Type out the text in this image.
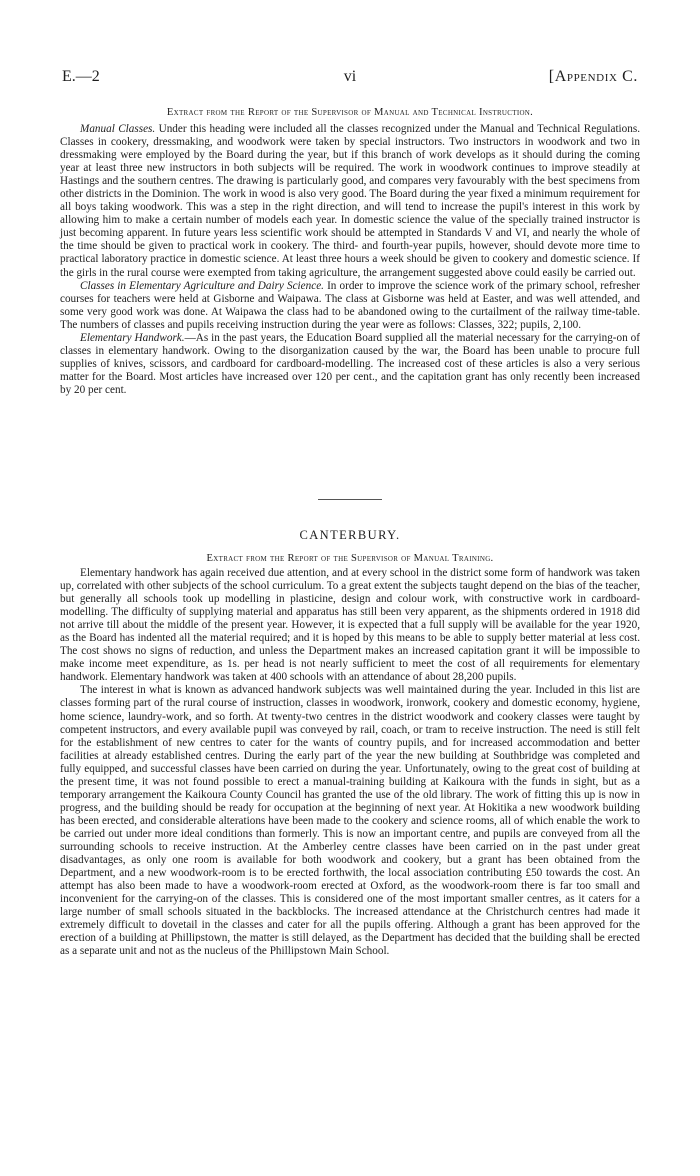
E.—2	vi	[Appendix C.
Extract from the Report of the Supervisor of Manual and Technical Instruction.

Manual Classes. Under this heading were included all the classes recognized under the Manual and Technical Regulations. Classes in cookery, dressmaking, and woodwork were taken by special instructors. Two instructors in woodwork and two in dressmaking were employed by the Board during the year, but if this branch of work develops as it should during the coming year at least three new instructors in both subjects will be required. The work in woodwork continues to improve steadily at Hastings and the southern centres. The drawing is particularly good, and compares very favourably with the best specimens from other districts in the Dominion. The work in wood is also very good. The Board during the year fixed a minimum requirement for all boys taking woodwork. This was a step in the right direction, and will tend to increase the pupil's interest in this work by allowing him to make a certain number of models each year. In domestic science the value of the specially trained instructor is just becoming apparent. In future years less scientific work should be attempted in Standards V and VI, and nearly the whole of the time should be given to practical work in cookery. The third- and fourth-year pupils, however, should devote more time to practical laboratory practice in domestic science. At least three hours a week should be given to cookery and domestic science. If the girls in the rural course were exempted from taking agriculture, the arrangement suggested above could easily be carried out.

Classes in Elementary Agriculture and Dairy Science. In order to improve the science work of the primary school, refresher courses for teachers were held at Gisborne and Waipawa. The class at Gisborne was held at Easter, and was well attended, and some very good work was done. At Waipawa the class had to be abandoned owing to the curtailment of the railway time-table. The numbers of classes and pupils receiving instruction during the year were as follows: Classes, 322; pupils, 2,100.

Elementary Handwork.—As in the past years, the Education Board supplied all the material necessary for the carrying-on of classes in elementary handwork. Owing to the disorganization caused by the war, the Board has been unable to procure full supplies of knives, scissors, and cardboard for cardboard-modelling. The increased cost of these articles is also a very serious matter for the Board. Most articles have increased over 120 per cent., and the capitation grant has only recently been increased by 20 per cent.

CANTERBURY.
Extract from the Report of the Supervisor of Manual Training.

Elementary handwork has again received due attention, and at every school in the district some form of handwork was taken up, correlated with other subjects of the school curriculum. To a great extent the subjects taught depend on the bias of the teacher, but generally all schools took up modelling in plasticine, design and colour work, with constructive work in cardboard-modelling. The difficulty of supplying material and apparatus has still been very apparent, as the shipments ordered in 1918 did not arrive till about the middle of the present year. However, it is expected that a full supply will be available for the year 1920, as the Board has indented all the material required; and it is hoped by this means to be able to supply better material at less cost. The cost shows no signs of reduction, and unless the Department makes an increased capitation grant it will be impossible to make income meet expenditure, as 1s. per head is not nearly sufficient to meet the cost of all requirements for elementary handwork. Elementary handwork was taken at 400 schools with an attendance of about 28,200 pupils.

The interest in what is known as advanced handwork subjects was well maintained during the year. Included in this list are classes forming part of the rural course of instruction, classes in woodwork, ironwork, cookery and domestic economy, hygiene, home science, laundry-work, and so forth. At twenty-two centres in the district woodwork and cookery classes were taught by competent instructors, and every available pupil was conveyed by rail, coach, or tram to receive instruction. The need is still felt for the establishment of new centres to cater for the wants of country pupils, and for increased accommodation and better facilities at already established centres. During the early part of the year the new building at Southbridge was completed and fully equipped, and successful classes have been carried on during the year. Unfortunately, owing to the great cost of building at the present time, it was not found possible to erect a manual-training building at Kaikoura with the funds in sight, but as a temporary arrangement the Kaikoura County Council has granted the use of the old library. The work of fitting this up is now in progress, and the building should be ready for occupation at the beginning of next year. At Hokitika a new woodwork building has been erected, and considerable alterations have been made to the cookery and science rooms, all of which enable the work to be carried out under more ideal conditions than formerly. This is now an important centre, and pupils are conveyed from all the surrounding schools to receive instruction. At the Amberley centre classes have been carried on in the past under great disadvantages, as only one room is available for both woodwork and cookery, but a grant has been obtained from the Department, and a new woodwork-room is to be erected forthwith, the local association contributing £50 towards the cost. An attempt has also been made to have a woodwork-room erected at Oxford, as the woodwork-room there is far too small and inconvenient for the carrying-on of the classes. This is considered one of the most important smaller centres, as it caters for a large number of small schools situated in the backblocks. The increased attendance at the Christchurch centres had made it extremely difficult to dovetail in the classes and cater for all the pupils offering. Although a grant has been approved for the erection of a building at Phillipstown, the matter is still delayed, as the Department has decided that the building shall be erected as a separate unit and not as the nucleus of the Phillipstown Main School.
